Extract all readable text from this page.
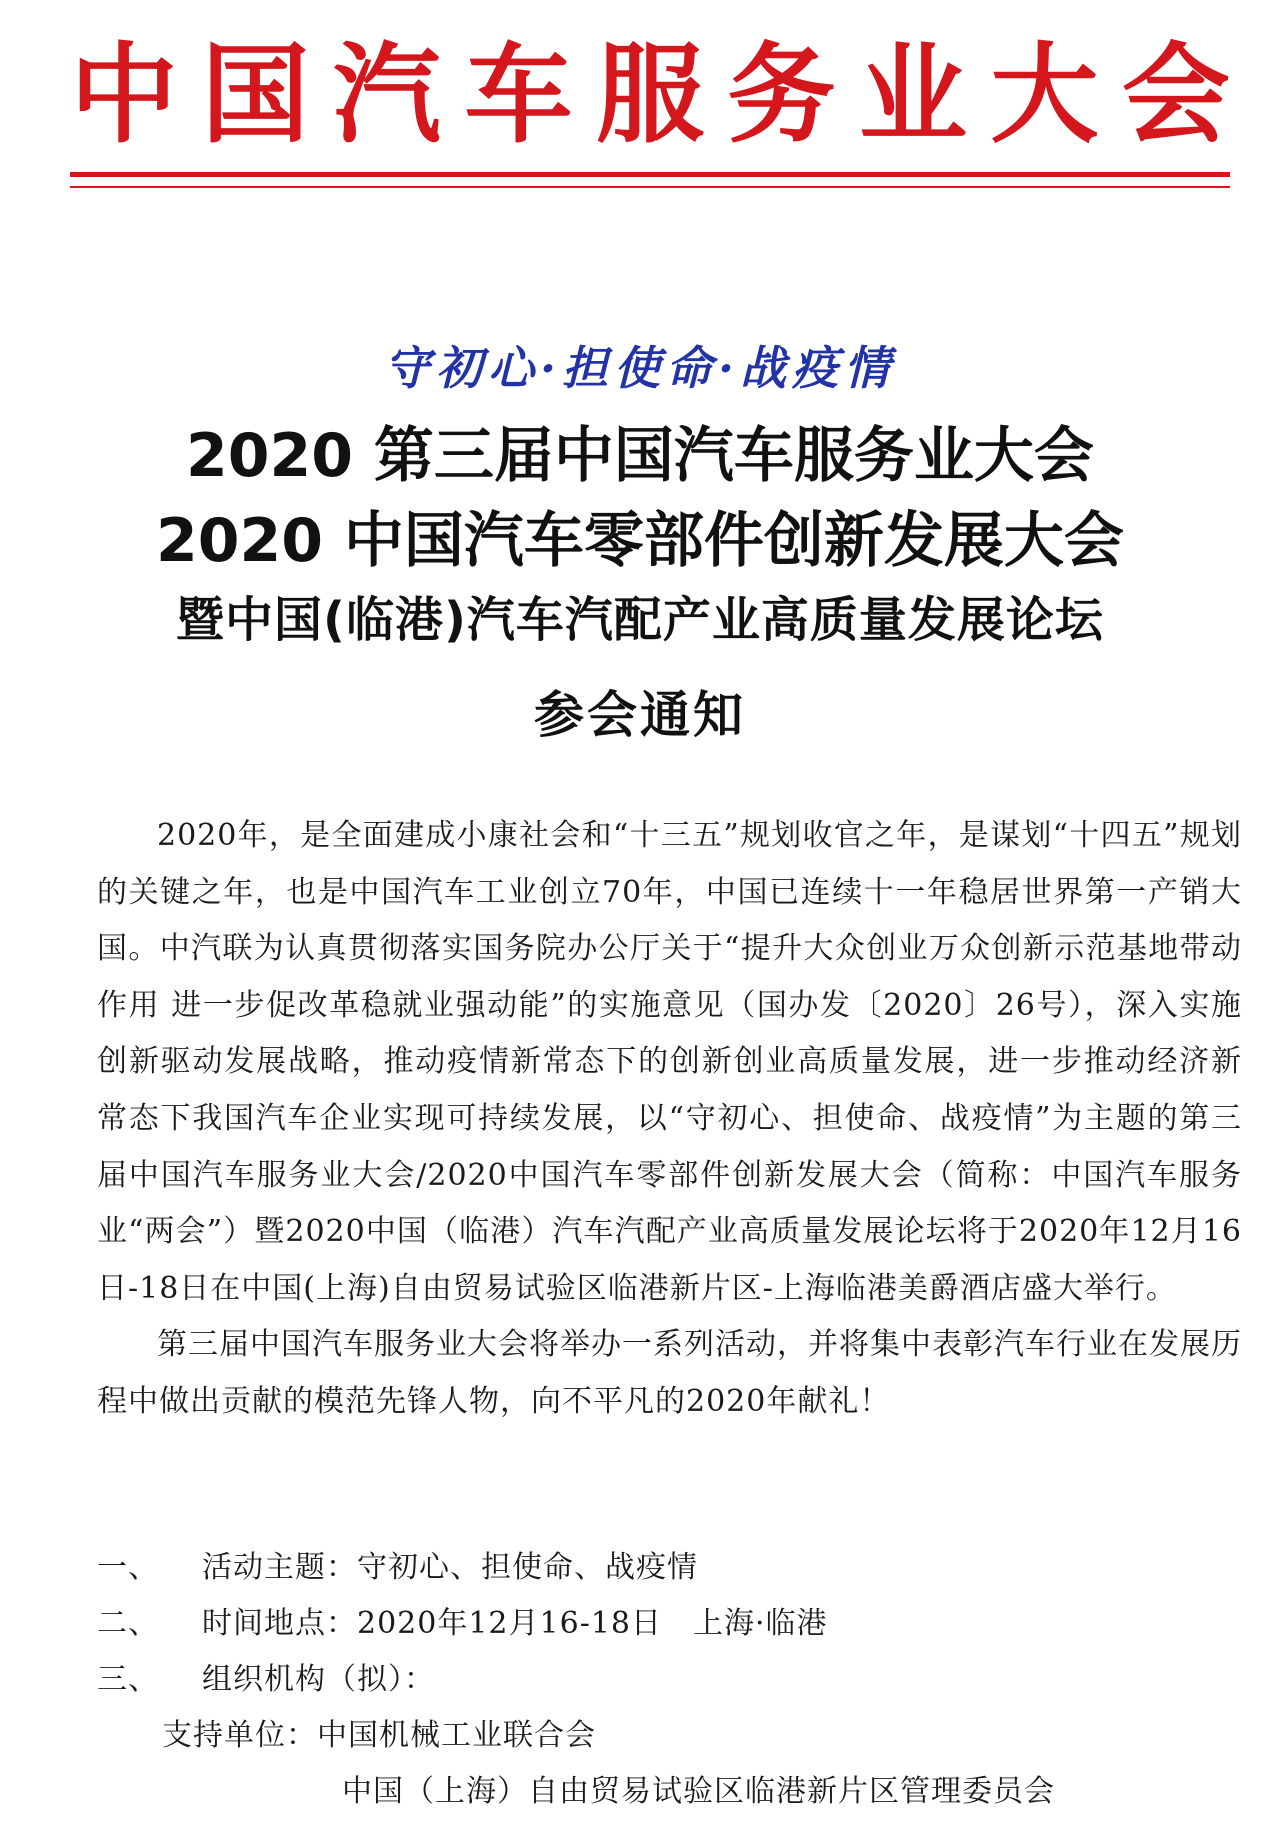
中 国 汽 车 服 务 业 大 会
守初心·担使命·战疫情
2020 第三届中国汽车服务业大会
2020 中国汽车零部件创新发展大会
暨中国(临港)汽车汽配产业高质量发展论坛
参会通知

2020年，是全面建成小康社会和“十三五”规划收官之年，是谋划“十四五”规划的关键之年，也是中国汽车工业创立70年，中国已连续十一年稳居世界第一产销大国。中汽联为认真贯彻落实国务院办公厅关于“提升大众创业万众创新示范基地带动作用 进一步促改革稳就业强动能”的实施意见（国办发〔2020〕26号），深入实施创新驱动发展战略，推动疫情新常态下的创新创业高质量发展，进一步推动经济新常态下我国汽车企业实现可持续发展，以“守初心、担使命、战疫情”为主题的第三届中国汽车服务业大会/2020中国汽车零部件创新发展大会（简称：中国汽车服务业“两会”）暨2020中国（临港）汽车汽配产业高质量发展论坛将于2020年12月16日-18日在中国(上海)自由贸易试验区临港新片区-上海临港美爵酒店盛大举行。

第三届中国汽车服务业大会将举办一系列活动，并将集中表彰汽车行业在发展历程中做出贡献的模范先锋人物，向不平凡的2020年献礼！

一、	活动主题： 守初心、担使命、战疫情
二、	时间地点： 2020年12月16-18日　上海·临港
三、	组织机构（拟）：
支持单位： 中国机械工业联合会
中国（上海）自由贸易试验区临港新片区管理委员会
